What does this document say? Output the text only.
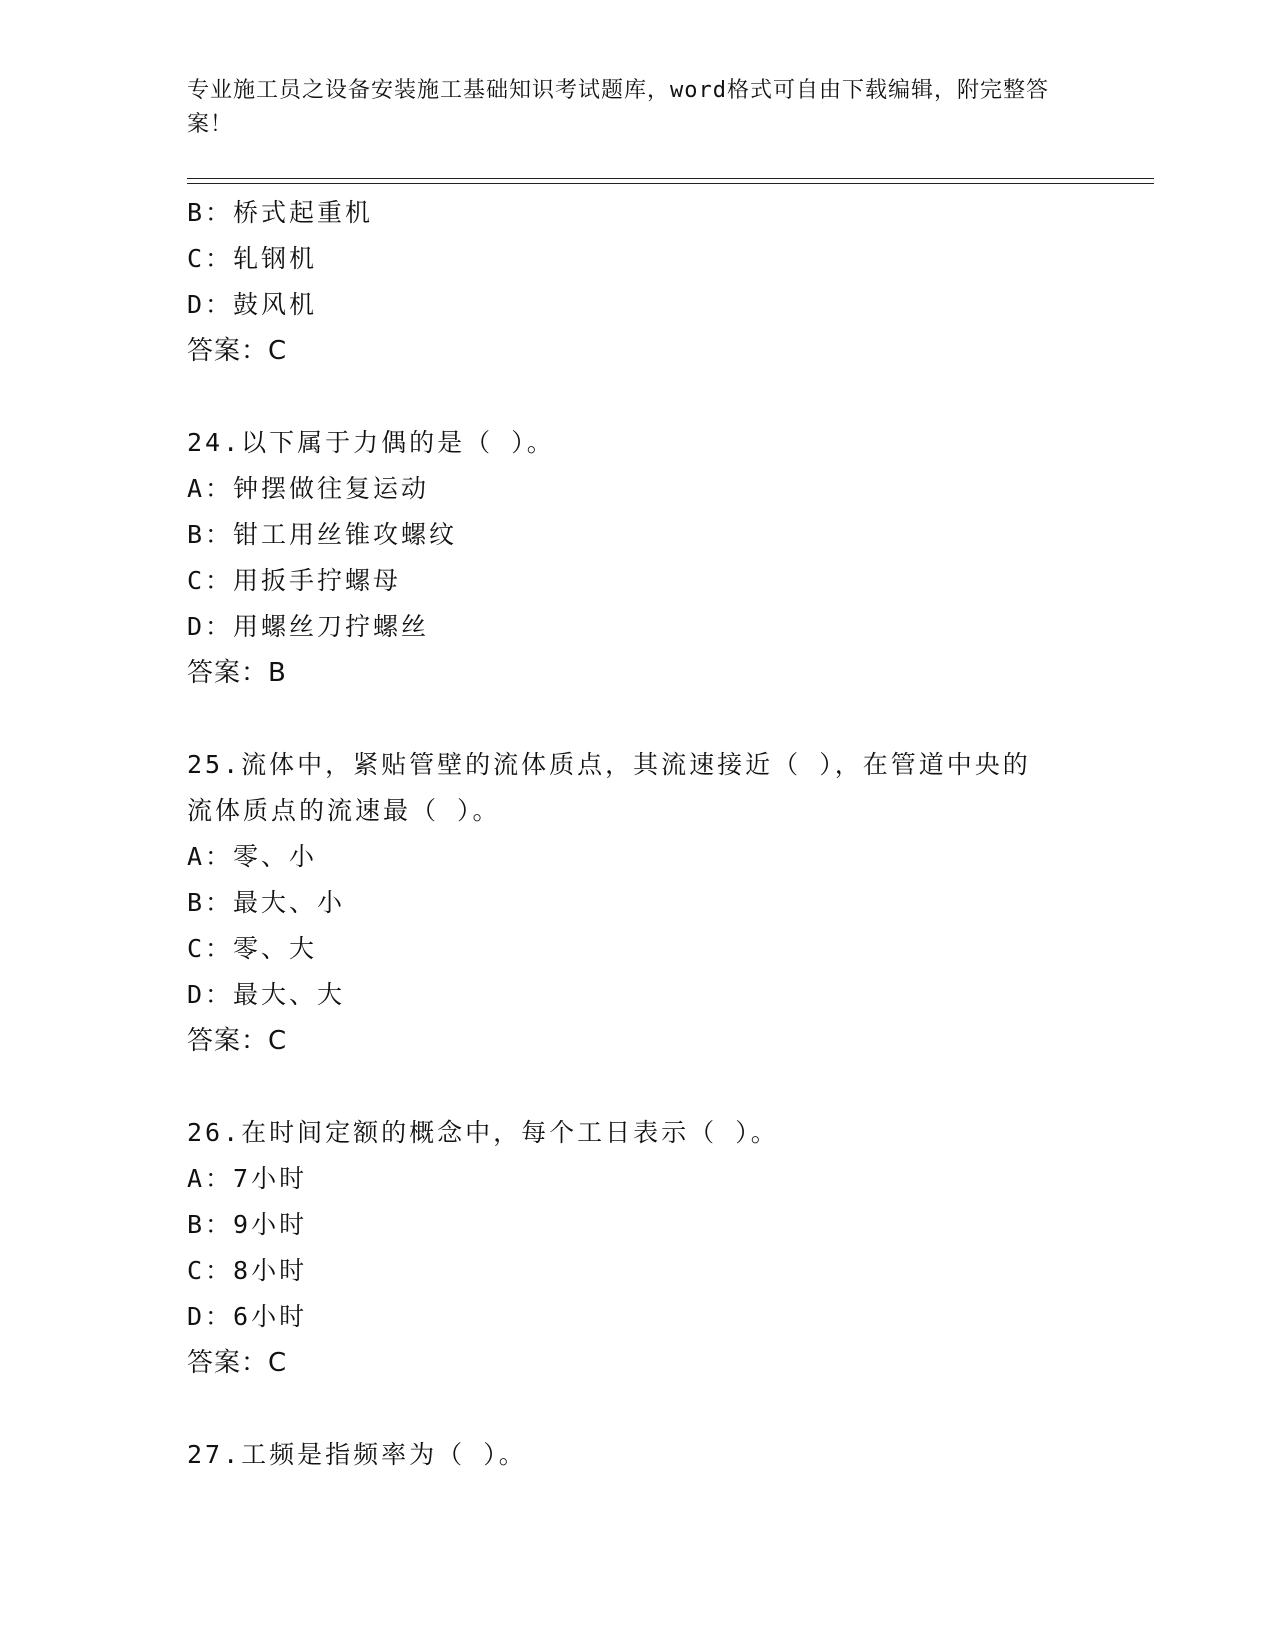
专业施工员之设备安装施工基础知识考试题库，word格式可自由下载编辑，附完整答案！
B：桥式起重机
C：轧钢机
D：鼓风机
答案：C
24.以下属于力偶的是（ ）。
A：钟摆做往复运动
B：钳工用丝锥攻螺纹
C：用扳手拧螺母
D：用螺丝刀拧螺丝
答案：B
25.流体中，紧贴管壁的流体质点，其流速接近（ ），在管道中央的
流体质点的流速最（ ）。
A：零、小
B：最大、小
C：零、大
D：最大、大
答案：C
26.在时间定额的概念中，每个工日表示（ ）。
A：7小时
B：9小时
C：8小时
D：6小时
答案：C
27.工频是指频率为（ ）。
